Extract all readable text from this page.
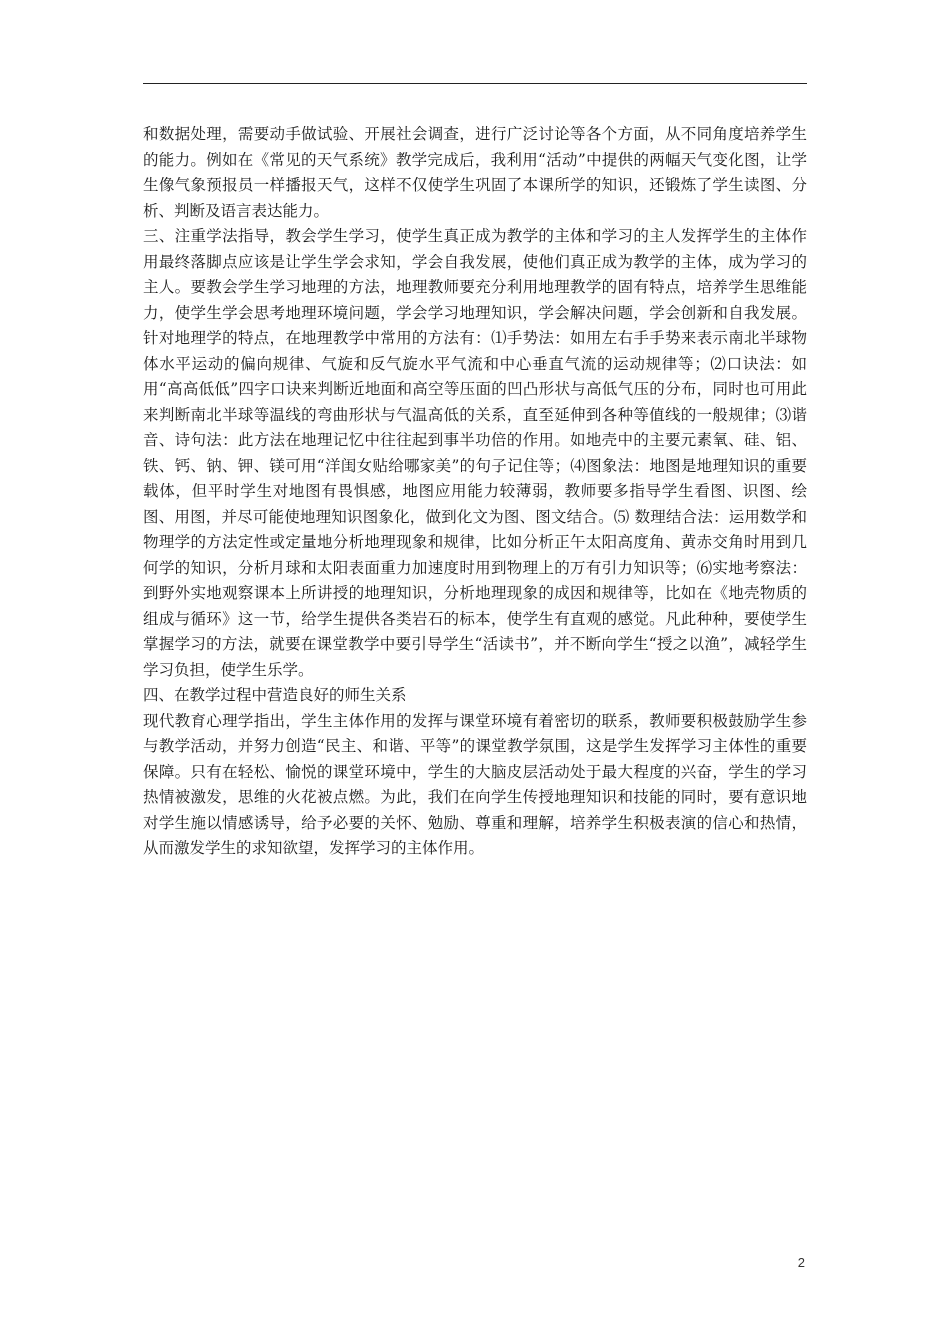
和数据处理，需要动手做试验、开展社会调查，进行广泛讨论等各个方面，从不同角度培养学生的能力。例如在《常见的天气系统》教学完成后，我利用“活动”中提供的两幅天气变化图，让学生像气象预报员一样播报天气，这样不仅使学生巩固了本课所学的知识，还锻炼了学生读图、分析、判断及语言表达能力。

三、注重学法指导，教会学生学习，使学生真正成为教学的主体和学习的主人发挥学生的主体作用最终落脚点应该是让学生学会求知，学会自我发展，使他们真正成为教学的主体，成为学习的主人。要教会学生学习地理的方法，地理教师要充分利用地理教学的固有特点，培养学生思维能力，使学生学会思考地理环境问题，学会学习地理知识，学会解决问题，学会创新和自我发展。针对地理学的特点，在地理教学中常用的方法有：⑴手势法：如用左右手手势来表示南北半球物体水平运动的偏向规律、气旋和反气旋水平气流和中心垂直气流的运动规律等；⑵口诀法：如用“高高低低”四字口诀来判断近地面和高空等压面的凹凸形状与高低气压的分布，同时也可用此来判断南北半球等温线的弯曲形状与气温高低的关系，直至延伸到各种等值线的一般规律；⑶谐音、诗句法：此方法在地理记忆中往往起到事半功倍的作用。如地壳中的主要元素氧、硅、铝、铁、钙、钠、钾、镁可用“洋闺女贴给哪家美”的句子记住等；⑷图象法：地图是地理知识的重要载体，但平时学生对地图有畏惧感，地图应用能力较薄弱，教师要多指导学生看图、识图、绘图、用图，并尽可能使地理知识图象化，做到化文为图、图文结合。⑸ 数理结合法：运用数学和物理学的方法定性或定量地分析地理现象和规律，比如分析正午太阳高度角、黄赤交角时用到几何学的知识，分析月球和太阳表面重力加速度时用到物理上的万有引力知识等；⑹实地考察法：到野外实地观察课本上所讲授的地理知识，分析地理现象的成因和规律等，比如在《地壳物质的组成与循环》这一节，给学生提供各类岩石的标本，使学生有直观的感觉。凡此种种，要使学生掌握学习的方法，就要在课堂教学中要引导学生“活读书”，并不断向学生“授之以渔”，减轻学生学习负担，使学生乐学。

四、在教学过程中营造良好的师生关系

现代教育心理学指出，学生主体作用的发挥与课堂环境有着密切的联系，教师要积极鼓励学生参与教学活动，并努力创造“民主、和谐、平等”的课堂教学氛围，这是学生发挥学习主体性的重要保障。只有在轻松、愉悦的课堂环境中，学生的大脑皮层活动处于最大程度的兴奋，学生的学习热情被激发，思维的火花被点燃。为此，我们在向学生传授地理知识和技能的同时，要有意识地对学生施以情感诱导，给予必要的关怀、勉励、尊重和理解，培养学生积极表演的信心和热情，从而激发学生的求知欲望，发挥学习的主体作用。

2
